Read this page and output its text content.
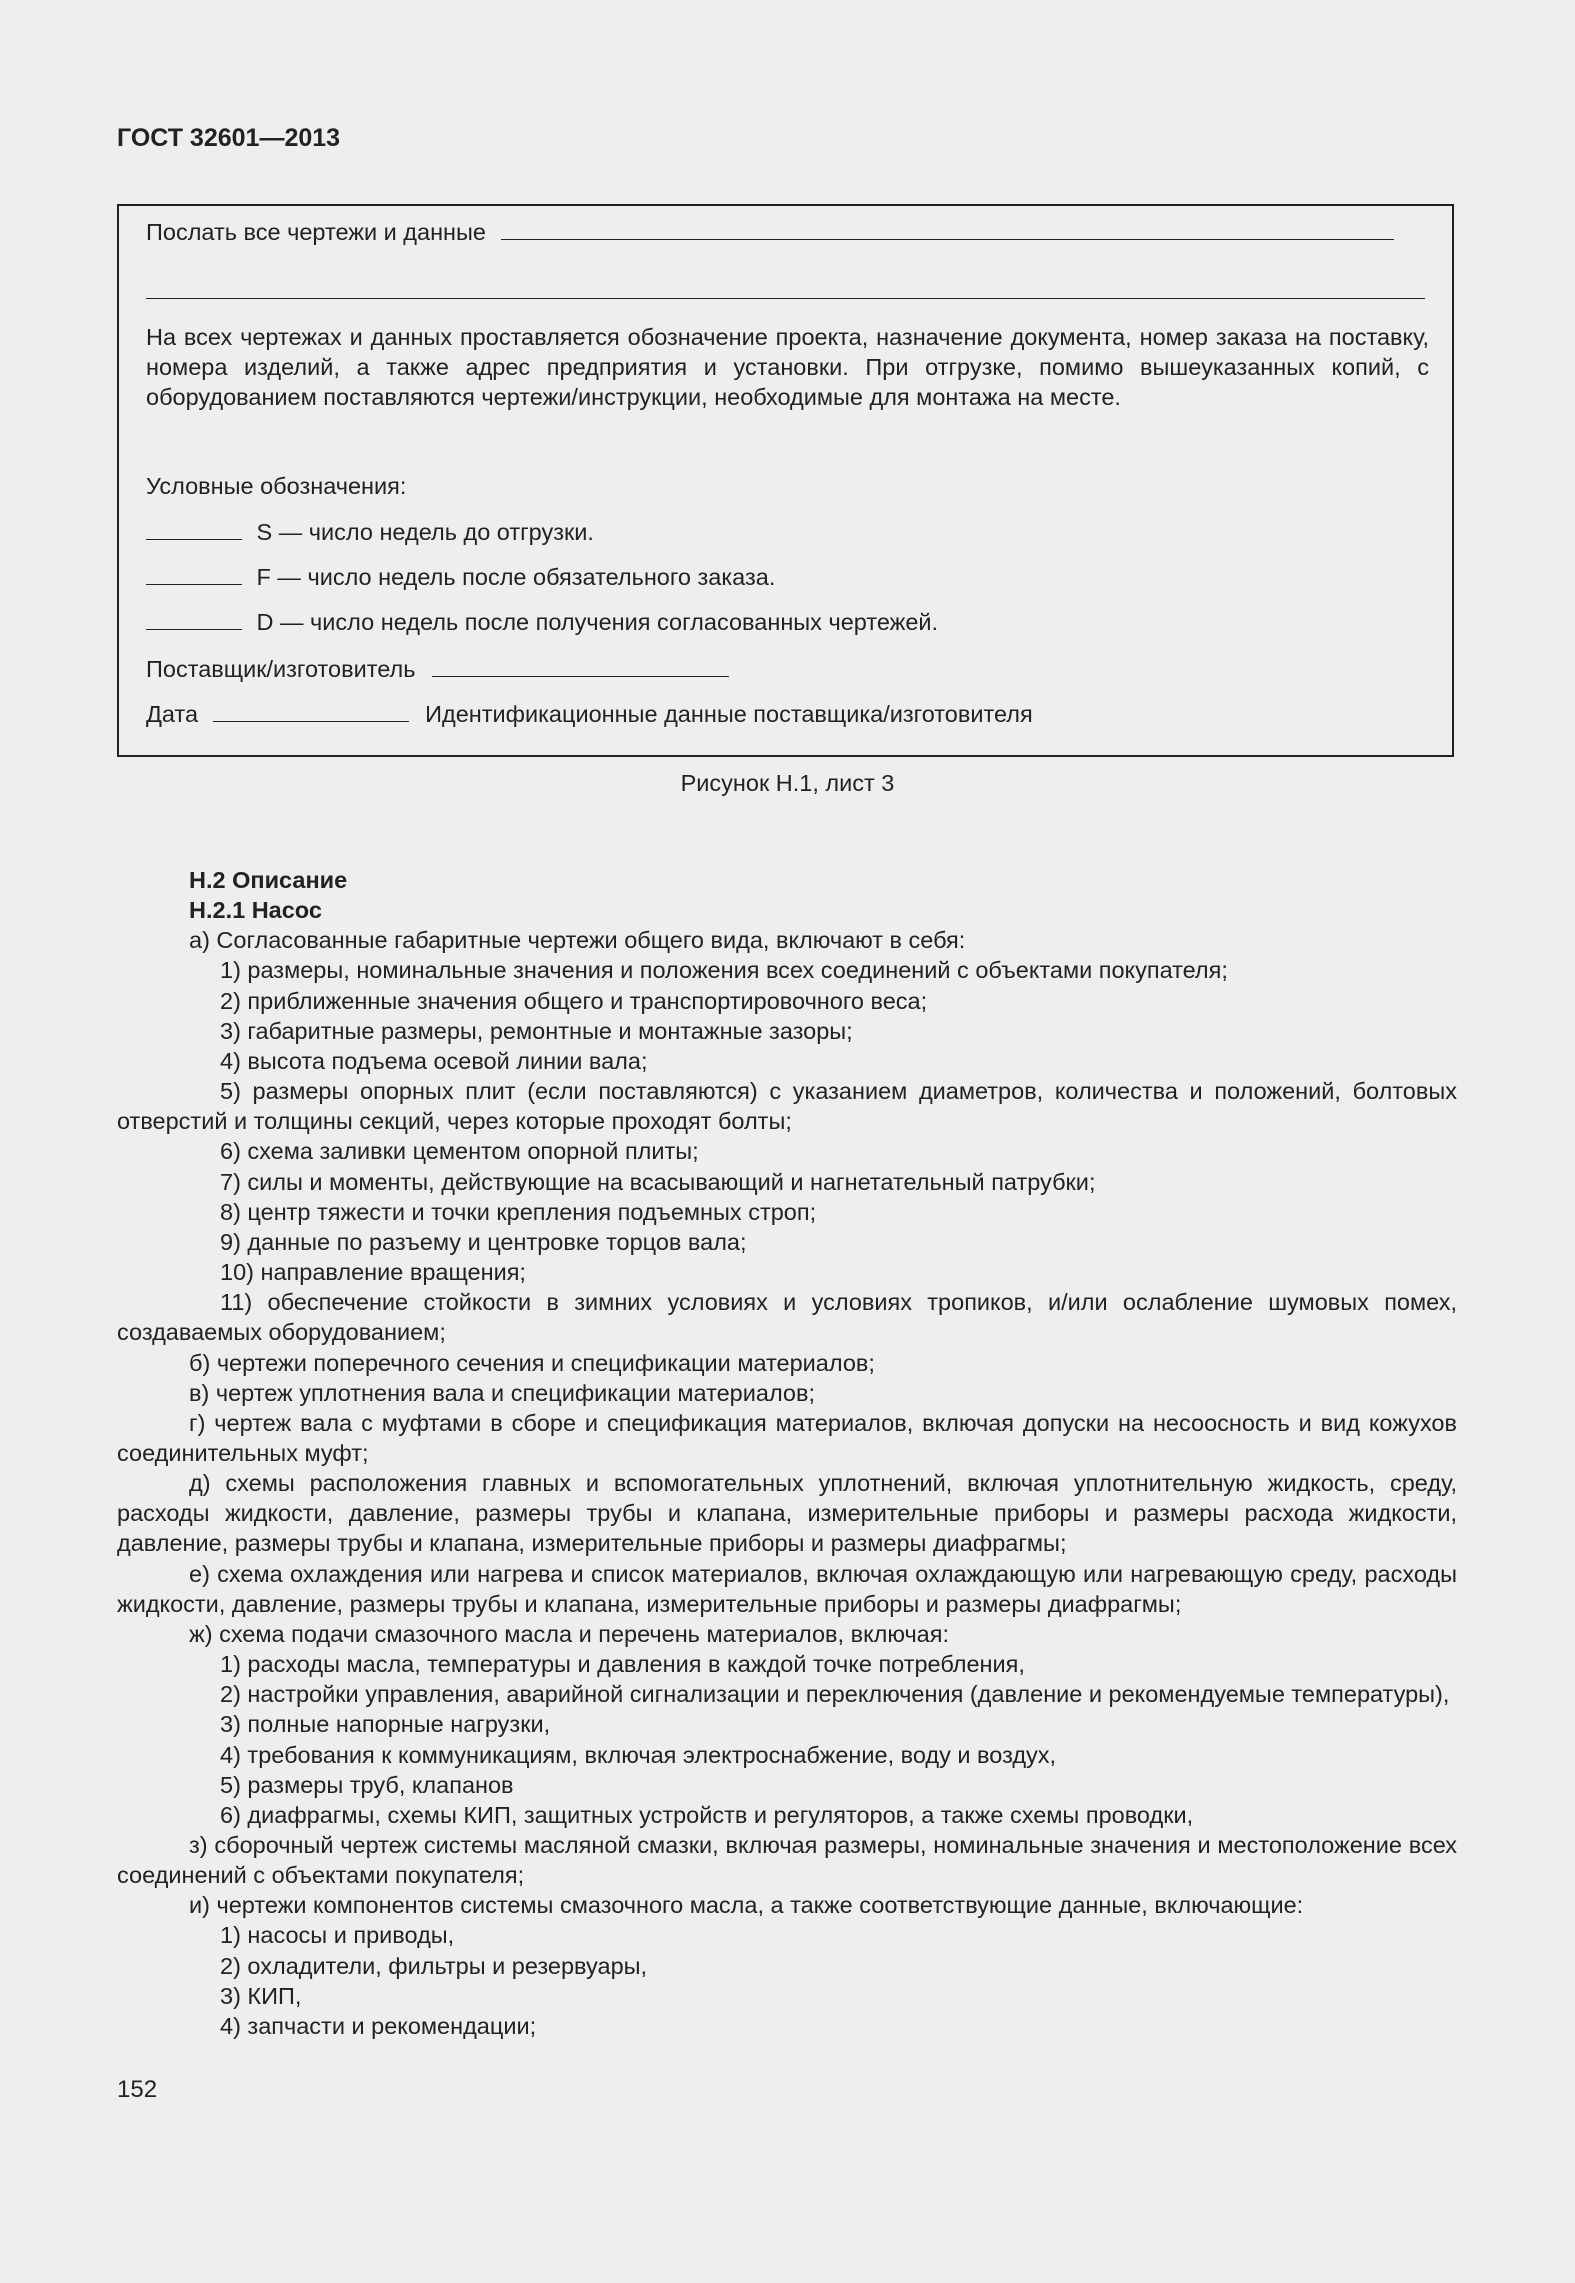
ГОСТ 32601—2013
Послать все чертежи и данные
На всех чертежах и данных проставляется обозначение проекта, назначение документа, номер заказа на поставку, номера изделий, а также адрес предприятия и установки. При отгрузке, помимо вышеуказанных копий, с оборудованием поставляются чертежи/инструкции, необходимые для монтажа на месте.
Условные обозначения:
S — число недель до отгрузки.
F — число недель после обязательного заказа.
D — число недель после получения согласованных чертежей.
Поставщик/изготовитель
Дата	Идентификационные данные поставщика/изготовителя
Рисунок Н.1, лист 3

Н.2 Описание

Н.2.1 Насос

а) Согласованные габаритные чертежи общего вида, включают в себя:

1) размеры, номинальные значения и положения всех соединений с объектами покупателя;

2) приближенные значения общего и транспортировочного веса;

3) габаритные размеры, ремонтные и монтажные зазоры;

4) высота подъема осевой линии вала;

5) размеры опорных плит (если поставляются) с указанием диаметров, количества и положений, болтовых отверстий и толщины секций, через которые проходят болты;

6) схема заливки цементом опорной плиты;

7) силы и моменты, действующие на всасывающий и нагнетательный патрубки;

8) центр тяжести и точки крепления подъемных строп;

9) данные по разъему и центровке торцов вала;

10) направление вращения;

11) обеспечение стойкости в зимних условиях и условиях тропиков, и/или ослабление шумовых помех, создаваемых оборудованием;

б) чертежи поперечного сечения и спецификации материалов;

в) чертеж уплотнения вала и спецификации материалов;

г) чертеж вала с муфтами в сборе и спецификация материалов, включая допуски на несоосность и вид кожухов соединительных муфт;

д) схемы расположения главных и вспомогательных уплотнений, включая уплотнительную жидкость, среду, расходы жидкости, давление, размеры трубы и клапана, измерительные приборы и размеры расхода жидкости, давление, размеры трубы и клапана, измерительные приборы и размеры диафрагмы;

е) схема охлаждения или нагрева и список материалов, включая охлаждающую или нагревающую среду, расходы жидкости, давление, размеры трубы и клапана, измерительные приборы и размеры диафрагмы;

ж) схема подачи смазочного масла и перечень материалов, включая:

1) расходы масла, температуры и давления в каждой точке потребления,

2) настройки управления, аварийной сигнализации и переключения (давление и рекомендуемые температуры),

3) полные напорные нагрузки,

4) требования к коммуникациям, включая электроснабжение, воду и воздух,

5) размеры труб, клапанов

6) диафрагмы, схемы КИП, защитных устройств и регуляторов, а также схемы проводки,

з) сборочный чертеж системы масляной смазки, включая размеры, номинальные значения и местоположение всех соединений с объектами покупателя;

и) чертежи компонентов системы смазочного масла, а также соответствующие данные, включающие:

1) насосы и приводы,

2) охладители, фильтры и резервуары,

3) КИП,

4) запчасти и рекомендации;

152
